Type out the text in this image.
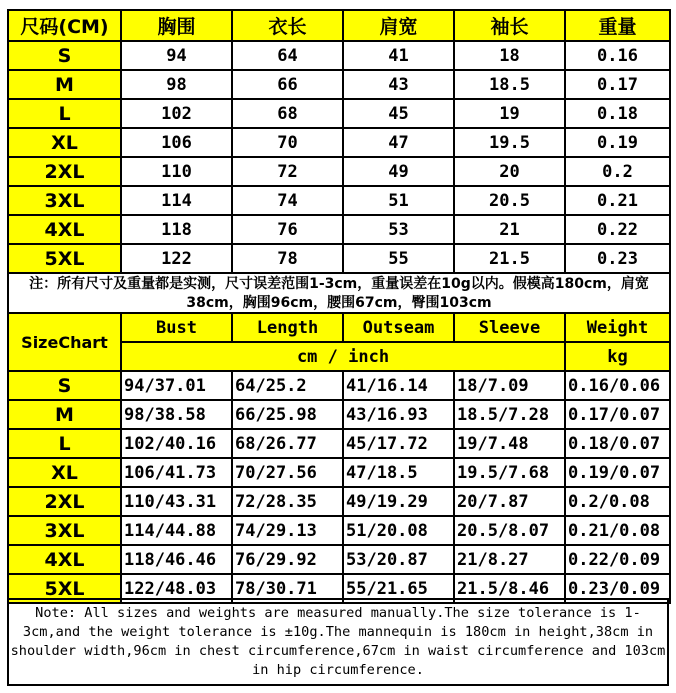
尺码(CM)	胸围	衣长	肩宽	袖长	重量
S	94	64	41	18	0.16
M	98	66	43	18.5	0.17
L	102	68	45	19	0.18
XL	106	70	47	19.5	0.19
2XL	110	72	49	20	0.2
3XL	114	74	51	20.5	0.21
4XL	118	76	53	21	0.22
5XL	122	78	55	21.5	0.23
注：所有尺寸及重量都是实测，尺寸误差范围1-3cm，重量误差在10g以内。假模高180cm，肩宽38cm，胸围96cm，腰围67cm，臀围103cm					
SizeChart	Bust	Length	Outseam	Sleeve	Weight
	cm / inch				kg
S	94/37.01	64/25.2	41/16.14	18/7.09	0.16/0.06
M	98/38.58	66/25.98	43/16.93	18.5/7.28	0.17/0.07
L	102/40.16	68/26.77	45/17.72	19/7.48	0.18/0.07
XL	106/41.73	70/27.56	47/18.5	19.5/7.68	0.19/0.07
2XL	110/43.31	72/28.35	49/19.29	20/7.87	0.2/0.08
3XL	114/44.88	74/29.13	51/20.08	20.5/8.07	0.21/0.08
4XL	118/46.46	76/29.92	53/20.87	21/8.27	0.22/0.09
5XL	122/48.03	78/30.71	55/21.65	21.5/8.46	0.23/0.09
Note: All sizes and weights are measured manually.The size tolerance is 1-3cm,and the weight tolerance is ±10g.The mannequin is 180cm in height,38cm in shoulder width,96cm in chest circumference,67cm in waist circumference and 103cm in hip circumference.
